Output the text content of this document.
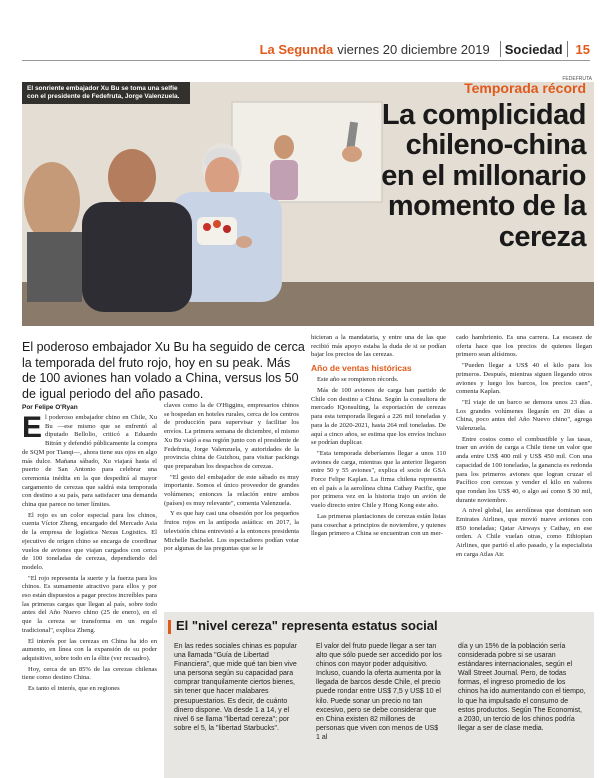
La Segunda viernes 20 diciembre 2019 Sociedad 15
FEDEFRUTA
El sonriente embajador Xu Bu se toma una selfie con el presidente de Fedefruta, Jorge Valenzuela.
Temporada récord
La complicidad chileno-china en el millonario momento de la cereza
El poderoso embajador Xu Bu ha seguido de cerca la temporada del fruto rojo, hoy en su peak. Más de 100 aviones han volado a China, versus los 50 de igual periodo del año pasado.
Por Felipe O'Ryan
E l poderoso embajador chino en Chile, Xu Bu —ese mismo que se enfrentó al diputado Bellolio, criticó a Eduardo Bitrán y defendió públicamente la compra de SQM por Tianqi—, ahora tiene sus ojos en algo más dulce. Mañana sábado, Xu viajará hasta el puerto de San Antonio para celebrar una ceremonia inédita en la que despedirá al mayor cargamento de cerezas que saldrá esta temporada con destino a su país, para satisfacer una demanda china que parece no tener límites.

El rojo es un color especial para los chinos, cuenta Víctor Zheng, encargado del Mercado Asia de la empresa de logística Nexus Logistics. El ejecutivo de origen chino se encarga de coordinar vuelos de aviones que viajan cargados con cerca de 100 toneladas de cerezas, dependiendo del modelo.

"El rojo representa la suerte y la fuerza para los chinos. Es sumamente atractivo para ellos y por eso están dispuestos a pagar precios increíbles para las primeras cargas que llegan al país, sobre todo antes del Año Nuevo chino (25 de enero), en el que la cereza se transforma en un regalo tradicional", explica Zheng.

El interés por las cerezas en China ha ido en aumento, en línea con la expansión de su poder adquisitivo, sobre todo en la élite (ver recuadro).

Hoy, cerca de un 85% de las cerezas chilenas tiene como destino China.

Es tanto el interés, que en regiones

claves como la de O'Higgins, empresarios chinos se hospedan en hoteles rurales, cerca de los centros de producción para supervisar y facilitar los envíos. La primera semana de diciembre, el mismo Xu Bu viajó a esa región junto con el presidente de Fedefruta, Jorge Valenzuela, y autoridades de la provincia china de Guizhou, para visitar packings que preparaban los despachos de cerezas.

"El gesto del embajador de este sábado es muy importante. Somos el único proveedor de grandes volúmenes; entonces la relación entre ambos (países) es muy relevante", comenta Valenzuela.

Y es que hay casi una obsesión por los pequeños frutos rojos en la antípoda asiática: en 2017, la televisión china entrevistó a la entonces presidenta Michelle Bachelet. Los espectadores podían votar por algunas de las preguntas que se le

hicieran a la mandataria, y entre una de las que recibió más apoyo estaba la duda de si se podían bajar los precios de las cerezas.

Año de ventas históricas

Este año se rompieron récords.

Más de 100 aviones de carga han partido de Chile con destino a China. Según la consultora de mercado IQonsulting, la exportación de cerezas para esta temporada llegará a 226 mil toneladas y para la de 2020-2021, hasta 264 mil toneladas. De aquí a cinco años, se estima que los envíos incluso se podrían duplicar.

"Esta temporada deberíamos llegar a unos 110 aviones de carga, mientras que la anterior llegaron entre 50 y 55 aviones", explica el socio de GSA Force Felipe Kaplan. La firma chilena representa en el país a la aerolínea china Cathay Pacific, que por primera vez en la historia trajo un avión de vuelo directo entre Chile y Hong Kong este año.

Las primeras plantaciones de cerezas están listas para cosechar a principios de noviembre, y quienes llegan primero a China se encuentran con un mer-

cado hambriento. Es una carrera. La escasez de oferta hace que los precios de quienes llegan primero sean altísimos.

"Pueden llegar a US$ 40 el kilo para los primeros. Después, mientras siguen llegando otros aviones y luego los barcos, los precios caen", comenta Kaplan.

"El viaje de un barco se demora unos 23 días. Los grandes volúmenes llegarán en 20 días a China, poco antes del Año Nuevo chino", agrega Valenzuela.

Entre costos como el combustible y las tasas, traer un avión de carga a Chile tiene un valor que anda entre US$ 400 mil y US$ 450 mil. Con una capacidad de 100 toneladas, la ganancia es redonda para los primeros aviones que logran cruzar el Pacífico con cerezas y vender el kilo en valores que rondan los US$ 40, o algo así como $ 30 mil, durante noviembre.

A nivel global, las aerolíneas que dominan son Emirates Airlines, que movió nueve aviones con 850 toneladas; Qatar Airways y Cathay, en ese orden. A Chile vuelan otras, como Ethiopian Airlines, que partió el año pasado, y la especialista en carga Atlas Air.

El "nivel cereza" representa estatus social

En las redes sociales chinas es popular una llamada "Guía de Libertad Financiera", que mide qué tan bien vive una persona según su capacidad para comprar tranquilamente ciertos bienes, sin tener que hacer malabares presupuestarios. Es decir, de cuánto dinero dispone. Va desde 1 a 14, y el nivel 6 se llama "libertad cereza"; por sobre el 5, la "libertad Starbucks".

El valor del fruto puede llegar a ser tan alto que sólo puede ser accedido por los chinos con mayor poder adquisitivo. Incluso, cuando la oferta aumenta por la llegada de barcos desde Chile, el precio puede rondar entre US$ 7,5 y US$ 10 el kilo. Puede sonar un precio no tan excesivo, pero se debe considerar que en China existen 82 millones de personas que viven con menos de US$ 1 al

día y un 15% de la población sería considerada pobre si se usaran estándares internacionales, según el Wall Street Journal. Pero, de todas formas, el ingreso promedio de los chinos ha ido aumentando con el tiempo, lo que ha impulsado el consumo de estos productos. Según The Economist, a 2030, un tercio de los chinos podría llegar a ser de clase media.
